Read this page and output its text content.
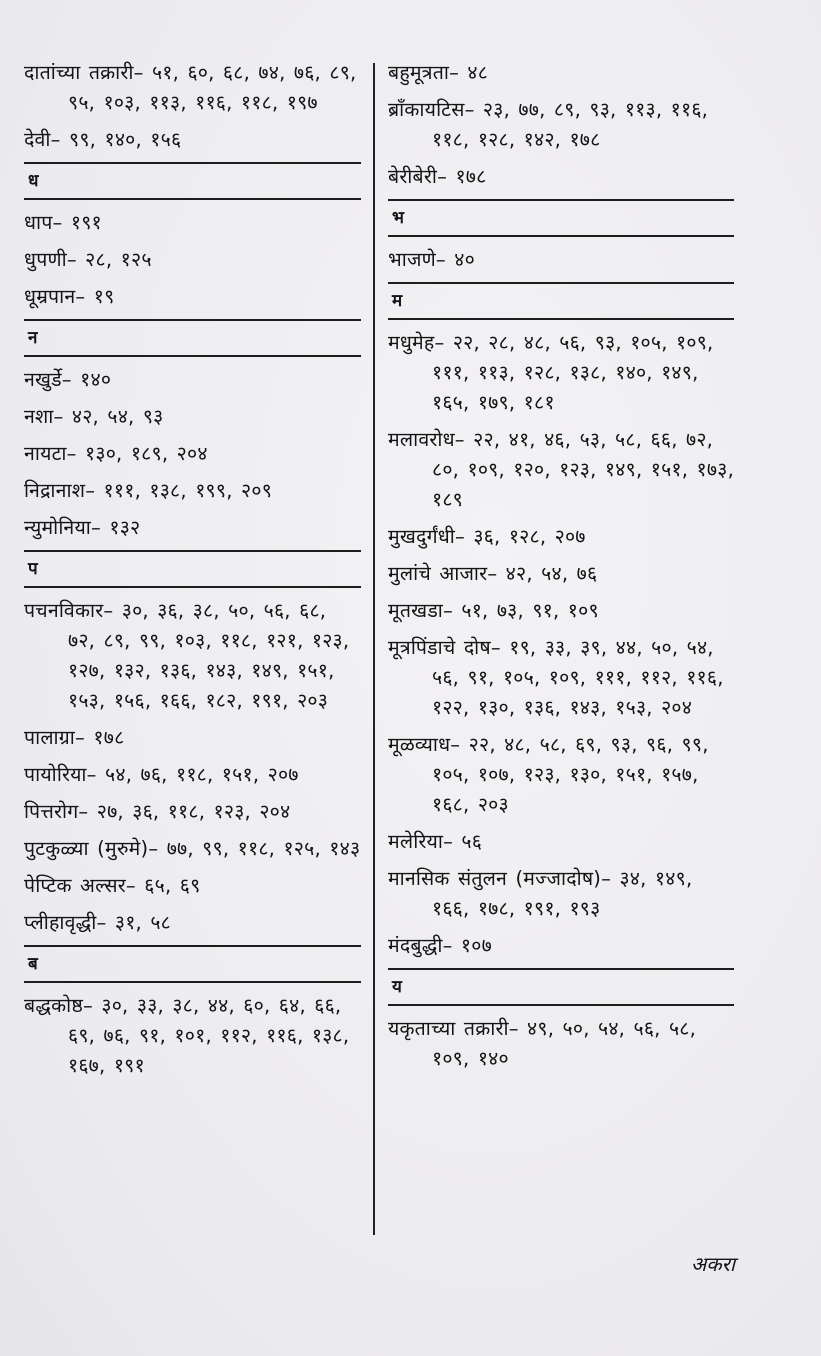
दातांच्या तक्रारी– ५१, ६०, ६८, ७४, ७६, ८९, ९५, १०३, ११३, ११६, ११८, १९७
देवी– ९९, १४०, १५६
ध
धाप– १९१
धुपणी– २८, १२५
धूम्रपान– १९
न
नखुर्डे– १४०
नशा– ४२, ५४, ९३
नायटा– १३०, १८९, २०४
निद्रानाश– १११, १३८, १९९, २०९
न्युमोनिया– १३२
प
पचनविकार– ३०, ३६, ३८, ५०, ५६, ६८, ७२, ८९, ९९, १०३, ११८, १२१, १२३, १२७, १३२, १३६, १४३, १४९, १५१, १५३, १५६, १६६, १८२, १९१, २०३
पालाग्रा– १७८
पायोरिया– ५४, ७६, ११८, १५१, २०७
पित्तरोग– २७, ३६, ११८, १२३, २०४
पुटकुळ्या (मुरुमे)– ७७, ९९, ११८, १२५, १४३
पेप्टिक अल्सर– ६५, ६९
प्लीहावृद्धी– ३१, ५८
ब
बद्धकोष्ठ– ३०, ३३, ३८, ४४, ६०, ६४, ६६, ६९, ७६, ९१, १०१, ११२, ११६, १३८, १६७, १९१
बहुमूत्रता– ४८
ब्राँकायटिस– २३, ७७, ८९, ९३, ११३, ११६, ११८, १२८, १४२, १७८
बेरीबेरी– १७८
भ
भाजणे– ४०
म
मधुमेह– २२, २८, ४८, ५६, ९३, १०५, १०९, १११, ११३, १२८, १३८, १४०, १४९, १६५, १७९, १८१
मलावरोध– २२, ४१, ४६, ५३, ५८, ६६, ७२, ८०, १०९, १२०, १२३, १४९, १५१, १७३, १८९
मुखदुर्गंधी– ३६, १२८, २०७
मुलांचे आजार– ४२, ५४, ७६
मूतखडा– ५१, ७३, ९१, १०९
मूत्रपिंडाचे दोष– १९, ३३, ३९, ४४, ५०, ५४, ५६, ९१, १०५, १०९, १११, ११२, ११६, १२२, १३०, १३६, १४३, १५३, २०४
मूळव्याध– २२, ४८, ५८, ६९, ९३, ९६, ९९, १०५, १०७, १२३, १३०, १५१, १५७, १६८, २०३
मलेरिया– ५६
मानसिक संतुलन (मज्जादोष)– ३४, १४९, १६६, १७८, १९१, १९३
मंदबुद्धी– १०७
य
यकृताच्या तक्रारी– ४९, ५०, ५४, ५६, ५८, १०९, १४०
अकरा
